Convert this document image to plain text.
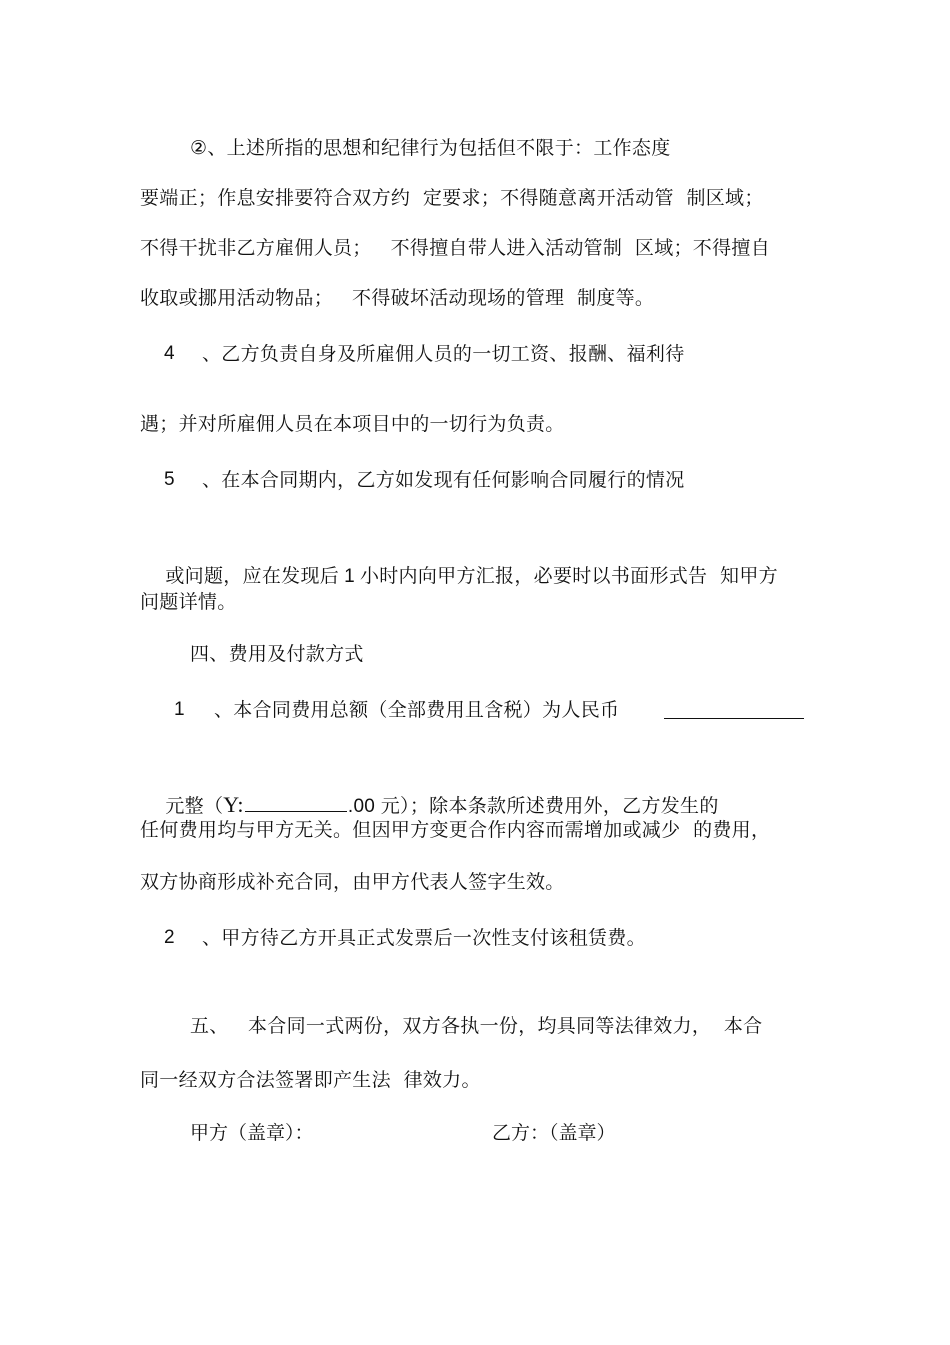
②、上述所指的思想和纪律行为包括但不限于：工作态度
要端正；作息安排要符合双方约  定要求；不得随意离开活动管  制区域；
不得干扰非乙方雇佣人员；   不得擅自带人进入活动管制  区域；不得擅自
收取或挪用活动物品；   不得破坏活动现场的管理  制度等。
4 、乙方负责自身及所雇佣人员的一切工资、报酬、福利待
遇；并对所雇佣人员在本项目中的一切行为负责。
5 、在本合同期内，乙方如发现有任何影响合同履行的情况

或问题，应在发现后 1 小时内向甲方汇报，必要时以书面形式告  知甲方

问题详情。
四、费用及付款方式
1 、本合同费用总额（全部费用且含税）为人民币

元整（Y:	.00 元）；除本条款所述费用外，乙方发生的

任何费用均与甲方无关。但因甲方变更合作内容而需增加或减少  的费用，
双方协商形成补充合同，由甲方代表人签字生效。
2 、甲方待乙方开具正式发票后一次性支付该租赁费。
五、 本合同一式两份，双方各执一份，均具同等法律效力，  本合
同一经双方合法签署即产生法  律效力。
甲方（盖章）：	乙方：（盖章）
